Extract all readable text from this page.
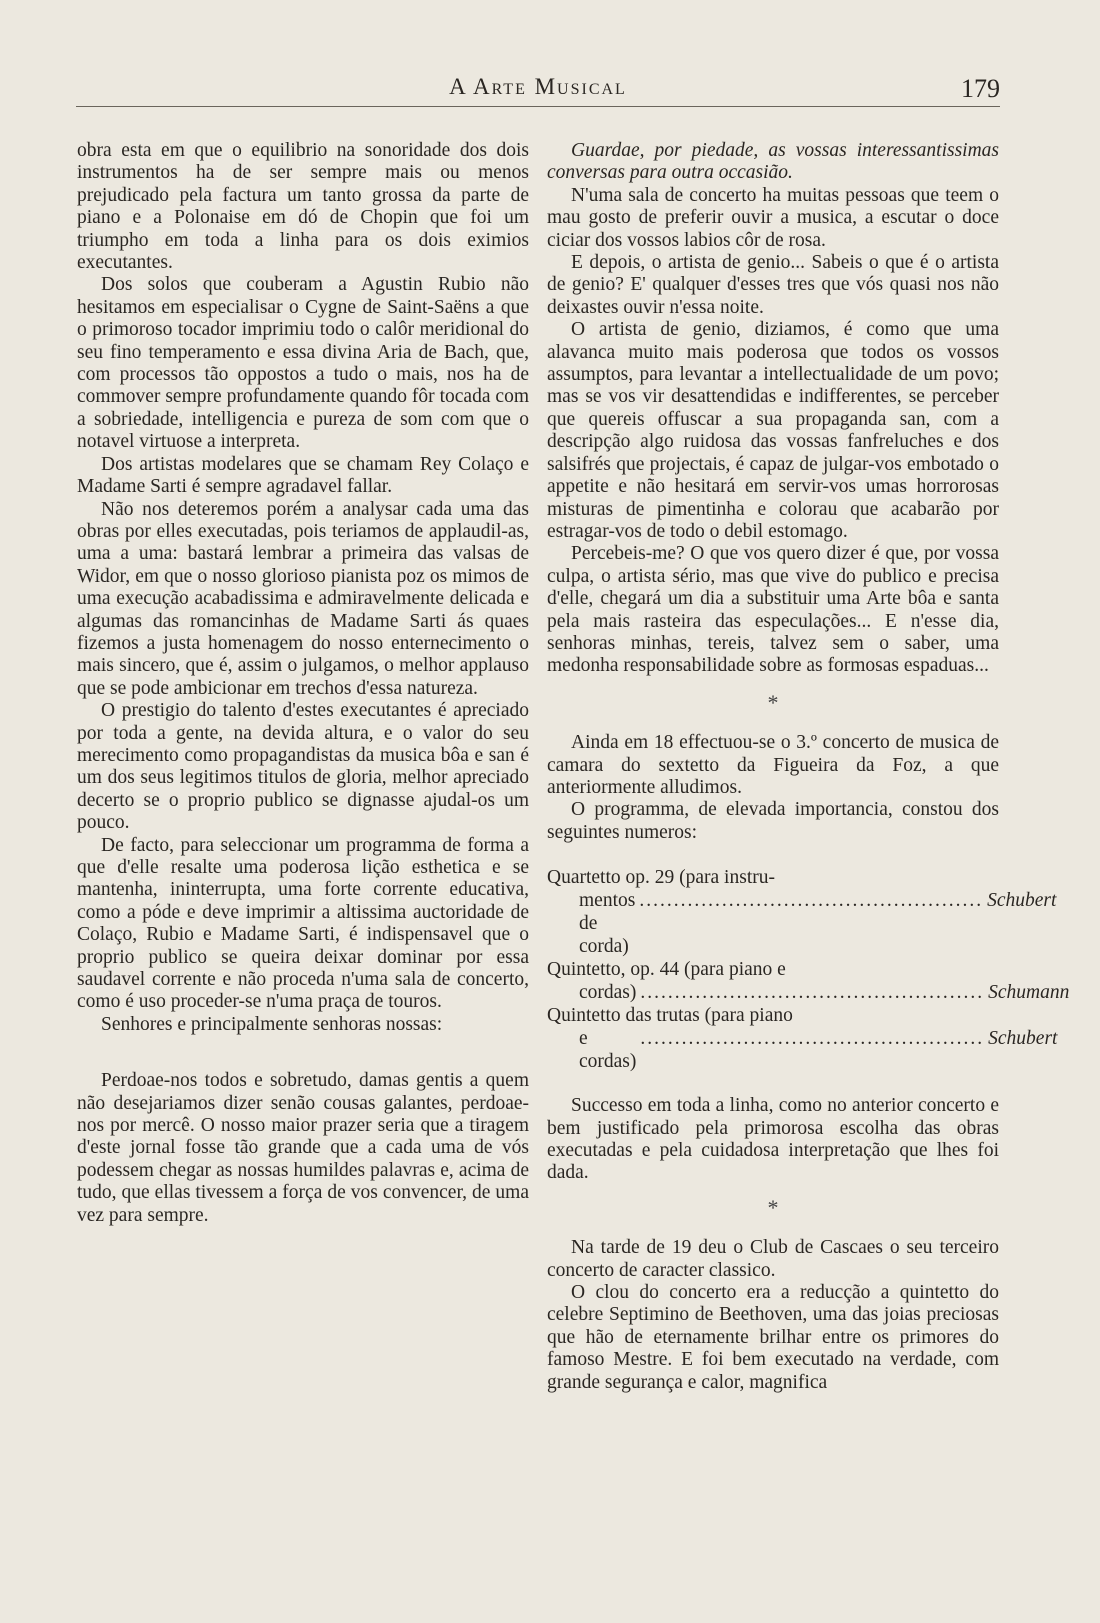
A Arte Musical	179

obra esta em que o equilibrio na sonoridade dos dois instrumentos ha de ser sempre mais ou menos prejudicado pela factura um tanto grossa da parte de piano e a Polonaise em dó de Chopin que foi um triumpho em toda a linha para os dois eximios executantes.

Dos solos que couberam a Agustin Rubio não hesitamos em especialisar o Cygne de Saint-Saëns a que o primoroso tocador imprimiu todo o calôr meridional do seu fino temperamento e essa divina Aria de Bach, que, com processos tão oppostos a tudo o mais, nos ha de commover sempre profundamente quando fôr tocada com a sobriedade, intelligencia e pureza de som com que o notavel virtuose a interpreta.

Dos artistas modelares que se chamam Rey Colaço e Madame Sarti é sempre agradavel fallar.

Não nos deteremos porém a analysar cada uma das obras por elles executadas, pois teriamos de applaudil-as, uma a uma: bastará lembrar a primeira das valsas de Widor, em que o nosso glorioso pianista poz os mimos de uma execução acabadissima e admiravelmente delicada e algumas das romancinhas de Madame Sarti ás quaes fizemos a justa homenagem do nosso enternecimento o mais sincero, que é, assim o julgamos, o melhor applauso que se pode ambicionar em trechos d'essa natureza.

O prestigio do talento d'estes executantes é apreciado por toda a gente, na devida altura, e o valor do seu merecimento como propagandistas da musica bôa e san é um dos seus legitimos titulos de gloria, melhor apreciado decerto se o proprio publico se dignasse ajudal-os um pouco.

De facto, para seleccionar um programma de forma a que d'elle resalte uma poderosa lição esthetica e se mantenha, ininterrupta, uma forte corrente educativa, como a póde e deve imprimir a altissima auctoridade de Colaço, Rubio e Madame Sarti, é indispensavel que o proprio publico se queira deixar dominar por essa saudavel corrente e não proceda n'uma sala de concerto, como é uso proceder-se n'uma praça de touros.

Senhores e principalmente senhoras nossas:

Perdoae-nos todos e sobretudo, damas gentis a quem não desejariamos dizer senão cousas galantes, perdoae-nos por mercê. O nosso maior prazer seria que a tiragem d'este jornal fosse tão grande que a cada uma de vós podessem chegar as nossas humildes palavras e, acima de tudo, que ellas tivessem a força de vos convencer, de uma vez para sempre.

Guardae, por piedade, as vossas interessantissimas conversas para outra occasião.

N'uma sala de concerto ha muitas pessoas que teem o mau gosto de preferir ouvir a musica, a escutar o doce ciciar dos vossos labios côr de rosa.

E depois, o artista de genio... Sabeis o que é o artista de genio? E' qualquer d'esses tres que vós quasi nos não deixastes ouvir n'essa noite.

O artista de genio, diziamos, é como que uma alavanca muito mais poderosa que todos os vossos assumptos, para levantar a intellectualidade de um povo; mas se vos vir desattendidas e indifferentes, se perceber que quereis offuscar a sua propaganda san, com a descripção algo ruidosa das vossas fanfreluches e dos salsifrés que projectais, é capaz de julgar-vos embotado o appetite e não hesitará em servir-vos umas horrorosas misturas de pimentinha e colorau que acabarão por estragar-vos de todo o debil estomago.

Percebeis-me? O que vos quero dizer é que, por vossa culpa, o artista sério, mas que vive do publico e precisa d'elle, chegará um dia a substituir uma Arte bôa e santa pela mais rasteira das especulações... E n'esse dia, senhoras minhas, tereis, talvez sem o saber, uma medonha responsabilidade sobre as formosas espaduas...

*

Ainda em 18 effectuou-se o 3.º concerto de musica de camara do sextetto da Figueira da Foz, a que anteriormente alludimos.

O programma, de elevada importancia, constou dos seguintes numeros:

Quartetto op. 29 (para instru-
mentos de corda)
.................................................. Schubert
Quintetto, op. 44 (para piano e
cordas) .................................................. Schumann
Quintetto das trutas (para piano
e cordas)
.................................................. Schubert

Successo em toda a linha, como no anterior concerto e bem justificado pela primorosa escolha das obras executadas e pela cuidadosa interpretação que lhes foi dada.

*

Na tarde de 19 deu o Club de Cascaes o seu terceiro concerto de caracter classico.

O clou do concerto era a reducção a quintetto do celebre Septimino de Beethoven, uma das joias preciosas que hão de eternamente brilhar entre os primores do famoso Mestre. E foi bem executado na verdade, com grande segurança e calor, magnifica
